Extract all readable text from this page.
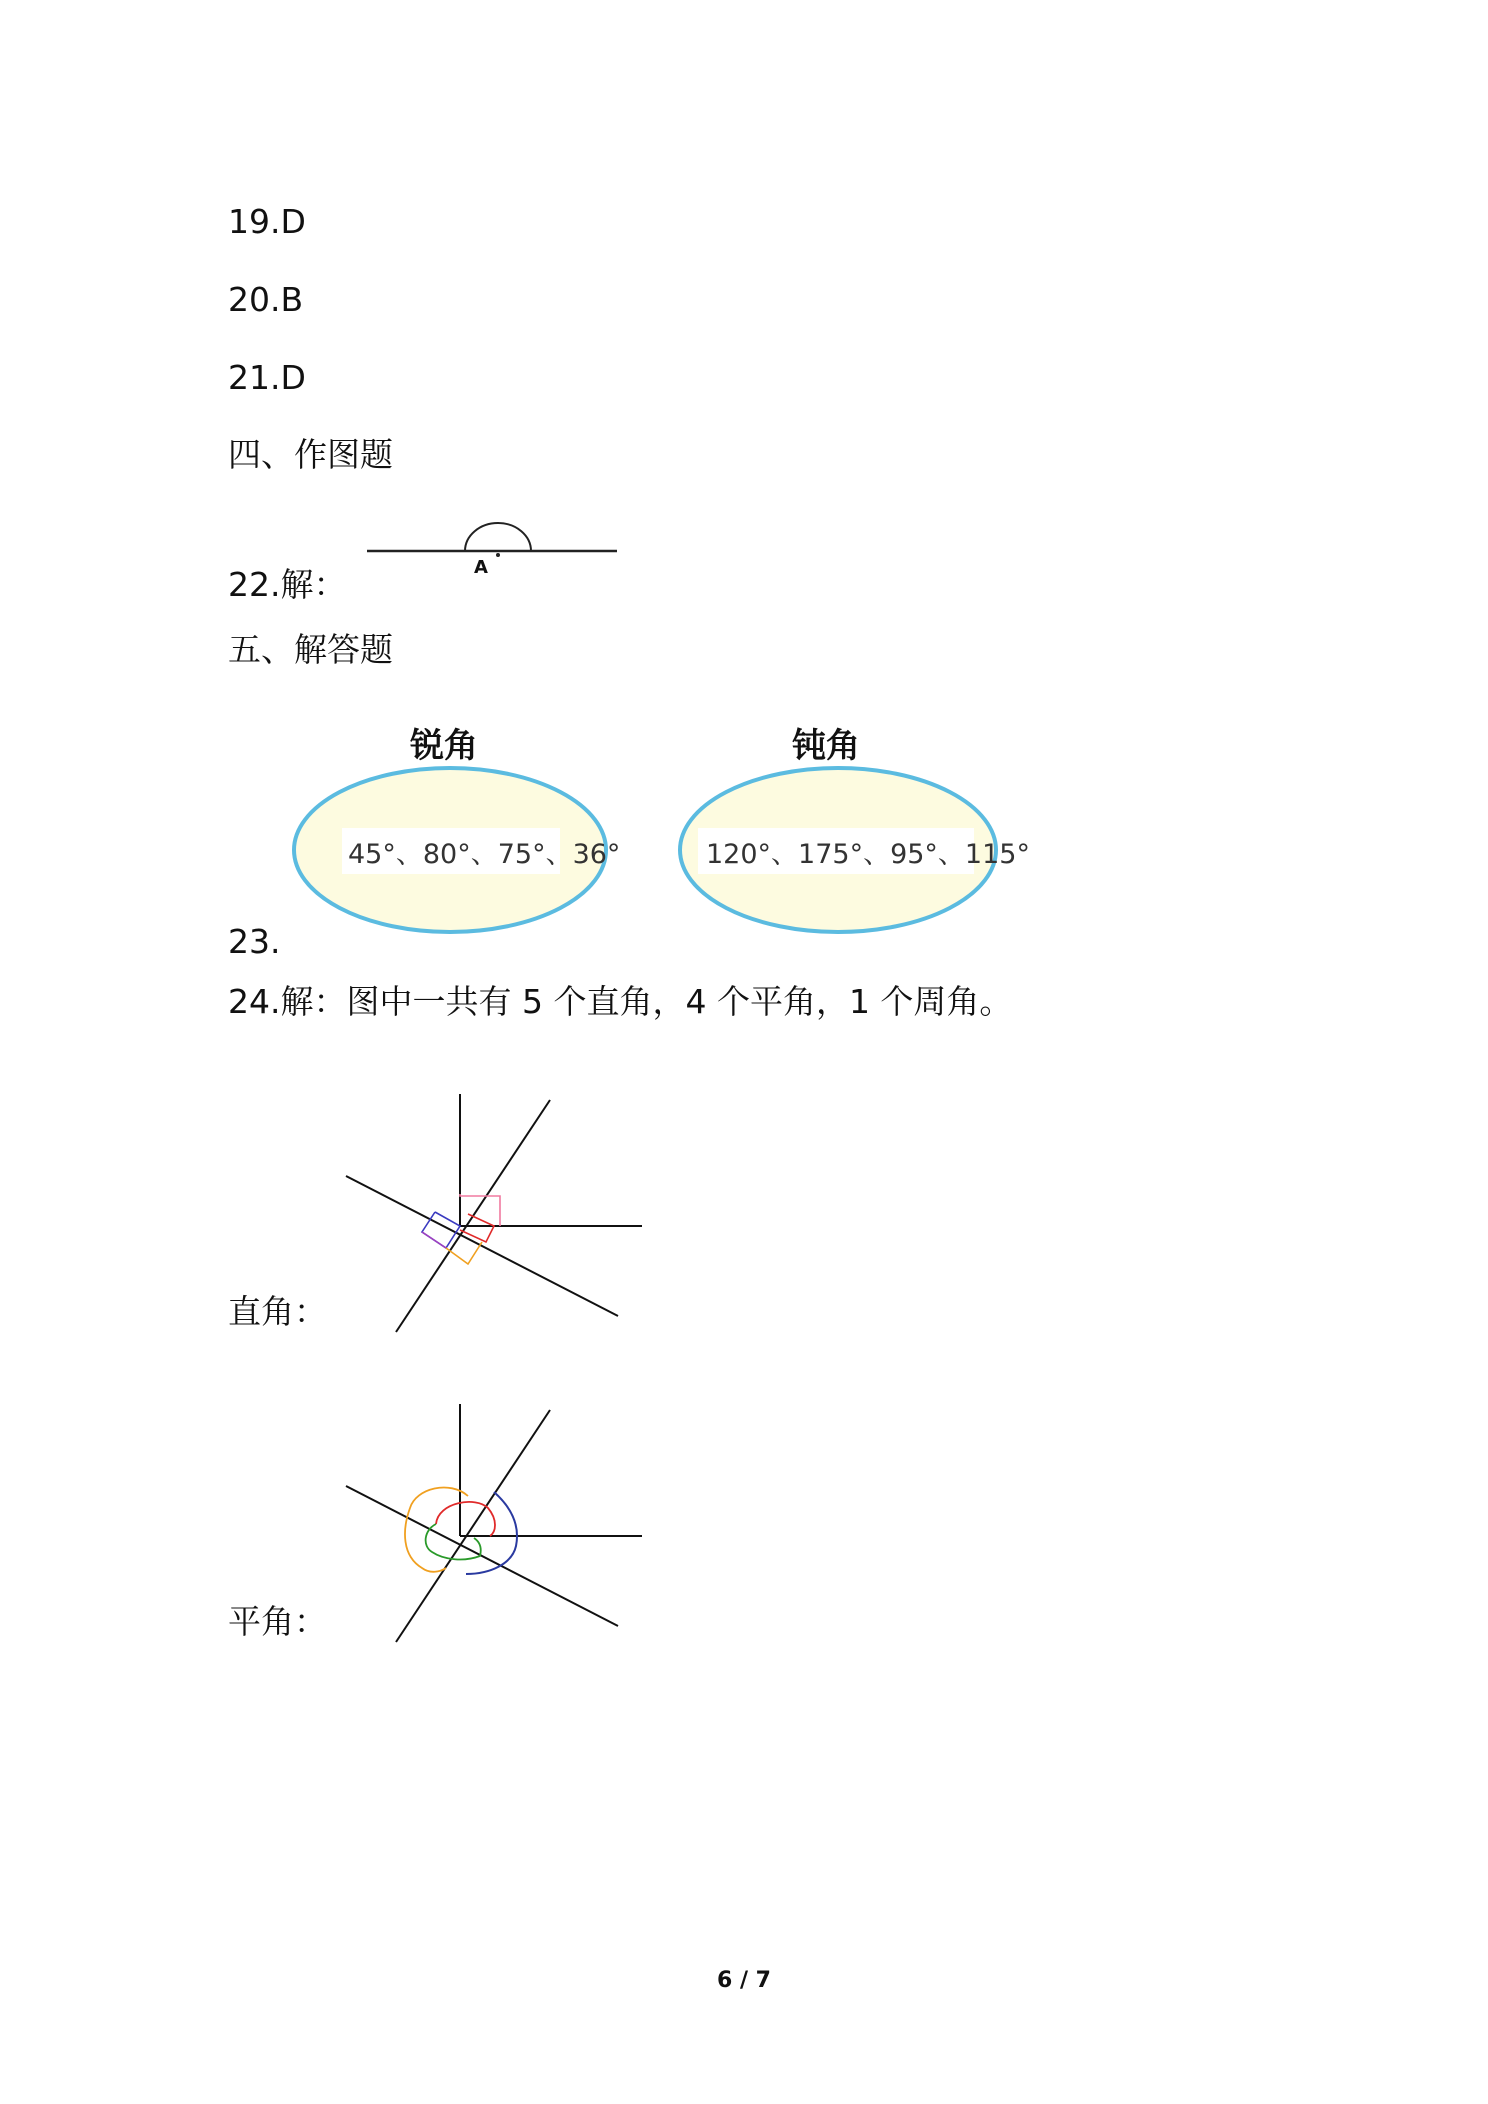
19.D
20.B
21.D
四、作图题
A
22.解：
五、解答题
锐角
45°、80°、75°、36°
钝角
120°、175°、95°、115°
23.
24.解：图中一共有 5 个直角，4 个平角，1 个周角。
直角：
平角：
6 / 7
